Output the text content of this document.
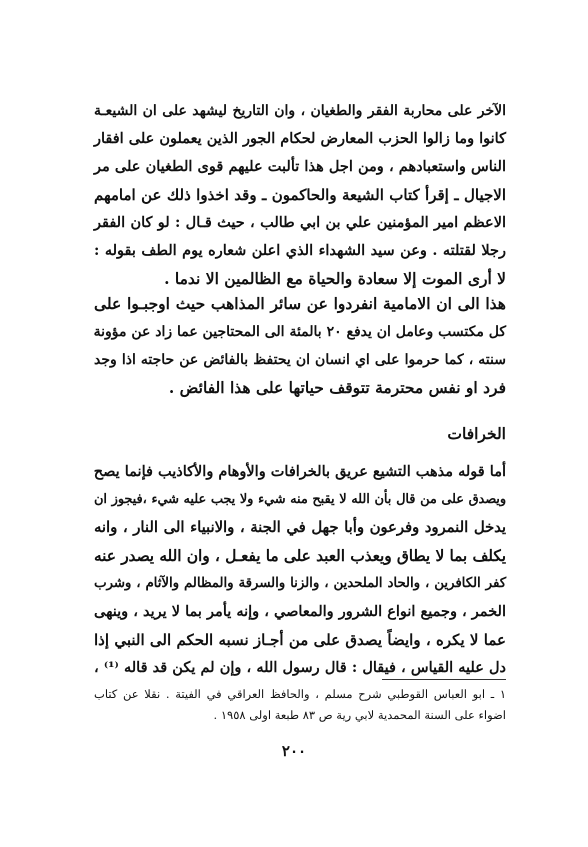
الآخر على محاربة الفقر والطغيان ، وان التاريخ ليشهد على ان الشيعـة
كانوا وما زالوا الحزب المعارض لحكام الجور الذين يعملون على افقار
الناس واستعبادهم ، ومن اجل هذا تألبت عليهم قوى الطغيان على مر
الاجيال ـ إقرأ كتاب الشيعة والحاكمون ـ وقد اخذوا ذلك عن امامهم
الاعظم امير المؤمنين علي بن ابي طالب ، حيث قـال : لو كان الفقر
رجلا لقتلته . وعن سيد الشهداء الذي اعلن شعاره يوم الطف بقوله :
لا أرى الموت إلا سعادة والحياة مع الظالمين الا ندما .
هذا الى ان الامامية انفردوا عن سائر المذاهب حيث اوجبـوا على
كل مكتسب وعامل ان يدفع ٢٠ بالمئة الى المحتاجين عما زاد عن مؤونة
سنته ، كما حرموا على اي انسان ان يحتفظ بالفائض عن حاجته اذا وجد
فرد او نفس محترمة تتوقف حياتها على هذا الفائض .
الخرافات
أما قوله مذهب التشيع عريق بالخرافات والأوهام والأكاذيب فإنما يصح
ويصدق على من قال بأن الله لا يقبح منه شيء ولا يجب عليه شيء ،فيجوز ان
يدخل النمرود وفرعون وأبا جهل في الجنة ، والانبياء الى النار ، وانه
يكلف بما لا يطاق ويعذب العبد على ما يفعـل ، وان الله يصدر عنه
كفر الكافرين ، والحاد الملحدين ، والزنا والسرقة والمظالم والآثام ، وشرب
الخمر ، وجميع انواع الشرور والمعاصي ، وإنه يأمر بما لا يريد ، وينهى
عما لا يكره ، وايضاً يصدق على من أجـاز نسبه الحكم الى النبي إذا
دل عليه القياس ، فيقال : قال رسول الله ، وإن لم يكن قد قاله ⁽¹⁾ ،
١ ـ ابو العباس القوطبي شرح مسلم ، والحافظ العراقي في الفيتة . نقلا عن كتاب
اضواء على السنة المحمدية لابي رية ص ٨٣ طبعة اولى ١٩٥٨ .
٢٠٠
